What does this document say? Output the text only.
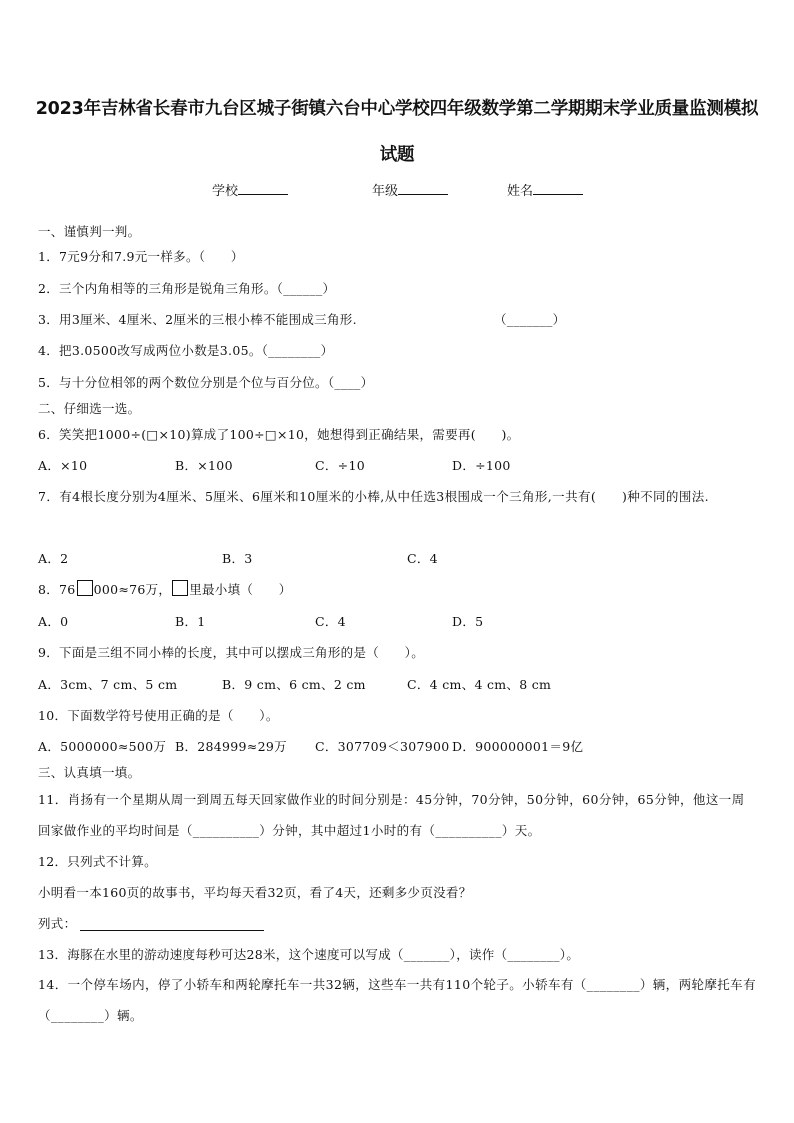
2023年吉林省长春市九台区城子街镇六台中心学校四年级数学第二学期期末学业质量监测模拟试题
学校	年级	姓名
一、谨慎判一判。
1．7元9分和7.9元一样多。（　　）
2．三个内角相等的三角形是锐角三角形。（______）
3．用3厘米、4厘米、2厘米的三根小棒不能围成三角形.	（_______）
4．把3.0500改写成两位小数是3.05。（________）
5．与十分位相邻的两个数位分别是个位与百分位。（____）
二、仔细选一选。
6．笑笑把1000÷(□×10)算成了100÷□×10，她想得到正确结果，需要再(　　)。
A．×10	B．×100	C．÷10	D．÷100
7．有4根长度分别为4厘米、5厘米、6厘米和10厘米的小棒,从中任选3根围成一个三角形,一共有(　　)种不同的围法.
A．2	B．3	C．4
8．76 000≈76万， 里最小填（　　）
A．0	B．1	C．4	D．5
9．下面是三组不同小棒的长度，其中可以摆成三角形的是（　　）。
A．3cm、7 cm、5 cm	B．9 cm、6 cm、2 cm	C．4 cm、4 cm、8 cm
10．下面数学符号使用正确的是（　　）。
A．5000000≈500万 B．284999≈29万 C．307709＜307900 D．900000001＝9亿
三、认真填一填。
11．肖扬有一个星期从周一到周五每天回家做作业的时间分别是：45分钟，70分钟，50分钟，60分钟，65分钟，他这一周回家做作业的平均时间是（__________）分钟，其中超过1小时的有（__________）天。
12．只列式不计算。
小明看一本160页的故事书，平均每天看32页，看了4天，还剩多少页没看？
列式：
13．海豚在水里的游动速度每秒可达28米，这个速度可以写成（_______），读作（________）。
14．一个停车场内，停了小轿车和两轮摩托车一共32辆，这些车一共有110个轮子。小轿车有（________）辆，两轮摩托车有（________）辆。
